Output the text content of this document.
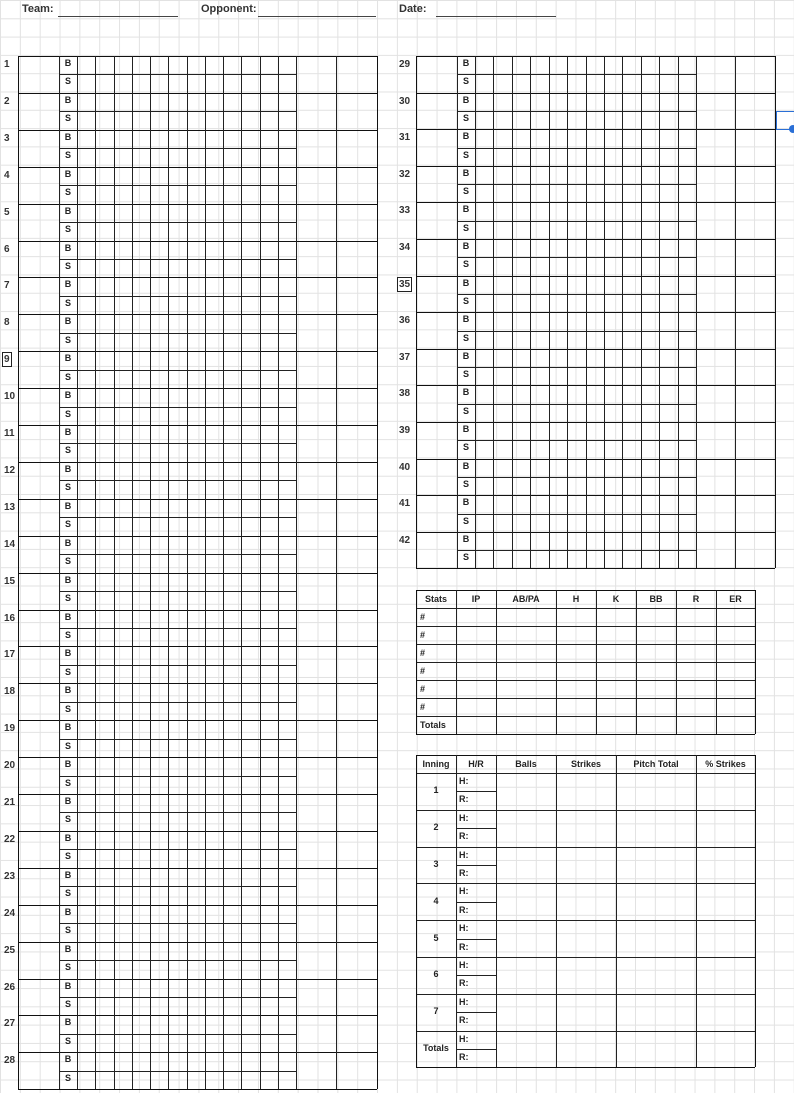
Team:	Opponent:	Date:
1	B
S
2	B
S
3	B
S
4	B
S
5	B
S
6	B
S
7	B
S
8	B
S
9	B
S
10	B
S
11	B
S
12	B
S
13	B
S
14	B
S
15	B
S
16	B
S
17	B
S
18	B
S
19	B
S
20	B
S
21	B
S
22	B
S
23	B
S
24	B
S
25	B
S
26	B
S
27	B
S
28	B
S
29	B
S
30	B
S
31	B
S
32	B
S
33	B
S
34	B
S
35	B
S
36	B
S
37	B
S
38	B
S
39	B
S
40	B
S
41	B
S
42	B
S
Stats	IP	AB/PA	H	K	BB	R	ER
#
#
#
#
#
#
Totals
Inning	H/R	Balls	Strikes	Pitch Total	% Strikes
1
H:
R:
2
H:
R:
3
H:
R:
4
H:
R:
5
H:
R:
6
H:
R:
7
H:
R:
Totals
H:
R:
